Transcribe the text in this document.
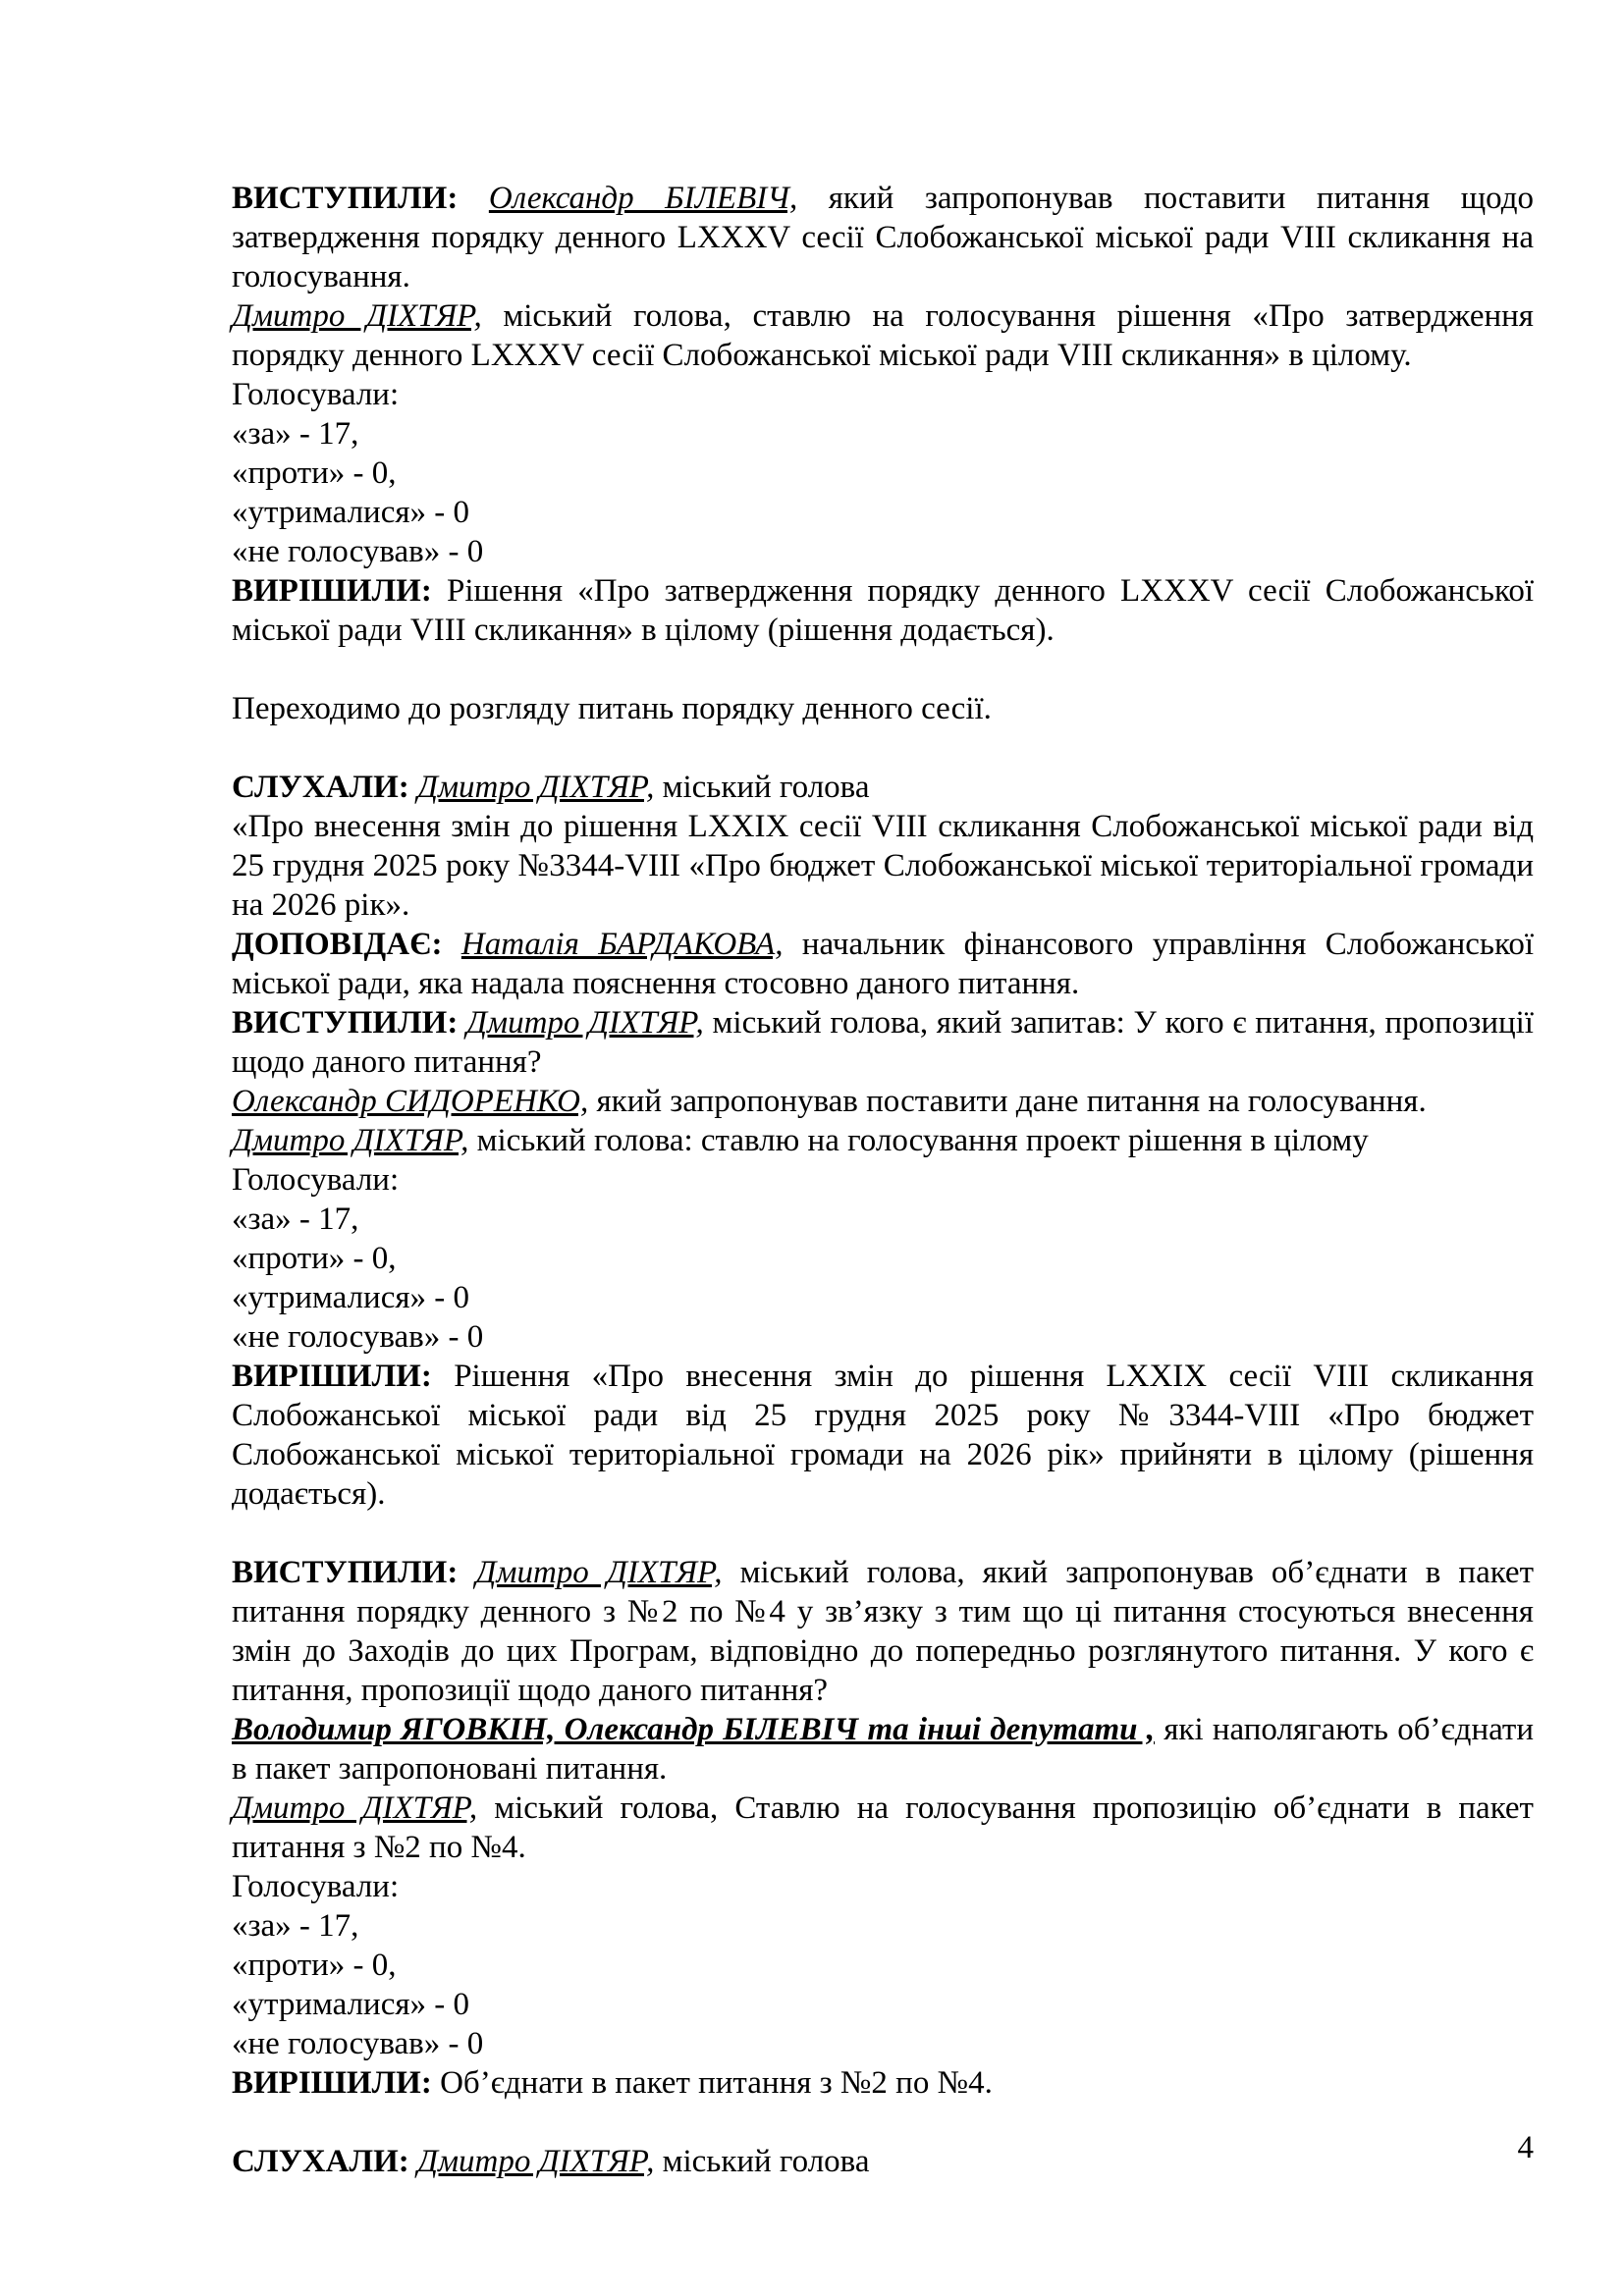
ВИСТУПИЛИ: Олександр БІЛЕВІЧ, який запропонував поставити питання щодо затвердження порядку денного LXXXV сесії Слобожанської міської ради VIII скликання на голосування.

Дмитро ДІХТЯР, міський голова, ставлю на голосування рішення «Про затвердження порядку денного LXXXV сесії Слобожанської міської ради VIII скликання» в цілому.

Голосували:

«за» - 17,

«проти» - 0,

«утрималися» - 0

«не голосував» - 0

ВИРІШИЛИ: Рішення «Про затвердження порядку денного LXXXV сесії Слобожанської міської ради VIII скликання» в цілому (рішення додається).

Переходимо до розгляду питань порядку денного сесії.

СЛУХАЛИ: Дмитро ДІХТЯР, міський голова

«Про внесення змін до рішення LXXIX сесії VIII скликання Слобожанської міської ради від 25 грудня 2025 року №3344-VIII «Про бюджет Слобожанської міської територіальної громади на 2026 рік».

ДОПОВІДАЄ: Наталія БАРДАКОВА, начальник фінансового управління Слобожанської міської ради, яка надала пояснення стосовно даного питання.

ВИСТУПИЛИ: Дмитро ДІХТЯР, міський голова, який запитав: У кого є питання, пропозиції щодо даного питання?

Олександр СИДОРЕНКО, який запропонував поставити дане питання на голосування.

Дмитро ДІХТЯР, міський голова: ставлю на голосування проект рішення в цілому

Голосували:

«за» - 17,

«проти» - 0,

«утрималися» - 0

«не голосував» - 0

ВИРІШИЛИ: Рішення «Про внесення змін до рішення LXXIX сесії VIII скликання Слобожанської міської ради від 25 грудня 2025 року №3344-VIII «Про бюджет Слобожанської міської територіальної громади на 2026 рік» прийняти в цілому (рішення додається).

ВИСТУПИЛИ: Дмитро ДІХТЯР, міський голова, який запропонував об’єднати в пакет питання порядку денного з №2 по №4 у зв’язку з тим що ці питання стосуються внесення змін до Заходів до цих Програм, відповідно до попередньо розглянутого питання. У кого є питання, пропозиції щодо даного питання?

Володимир ЯГОВКІН, Олександр БІЛЕВІЧ та інші депутати , які наполягають об’єднати в пакет запропоновані питання.

Дмитро ДІХТЯР, міський голова, Ставлю на голосування пропозицію об’єднати в пакет питання з №2 по №4.

Голосували:

«за» - 17,

«проти» - 0,

«утрималися» - 0

«не голосував» - 0

ВИРІШИЛИ: Об’єднати в пакет питання з №2 по №4.

СЛУХАЛИ: Дмитро ДІХТЯР, міський голова	4
